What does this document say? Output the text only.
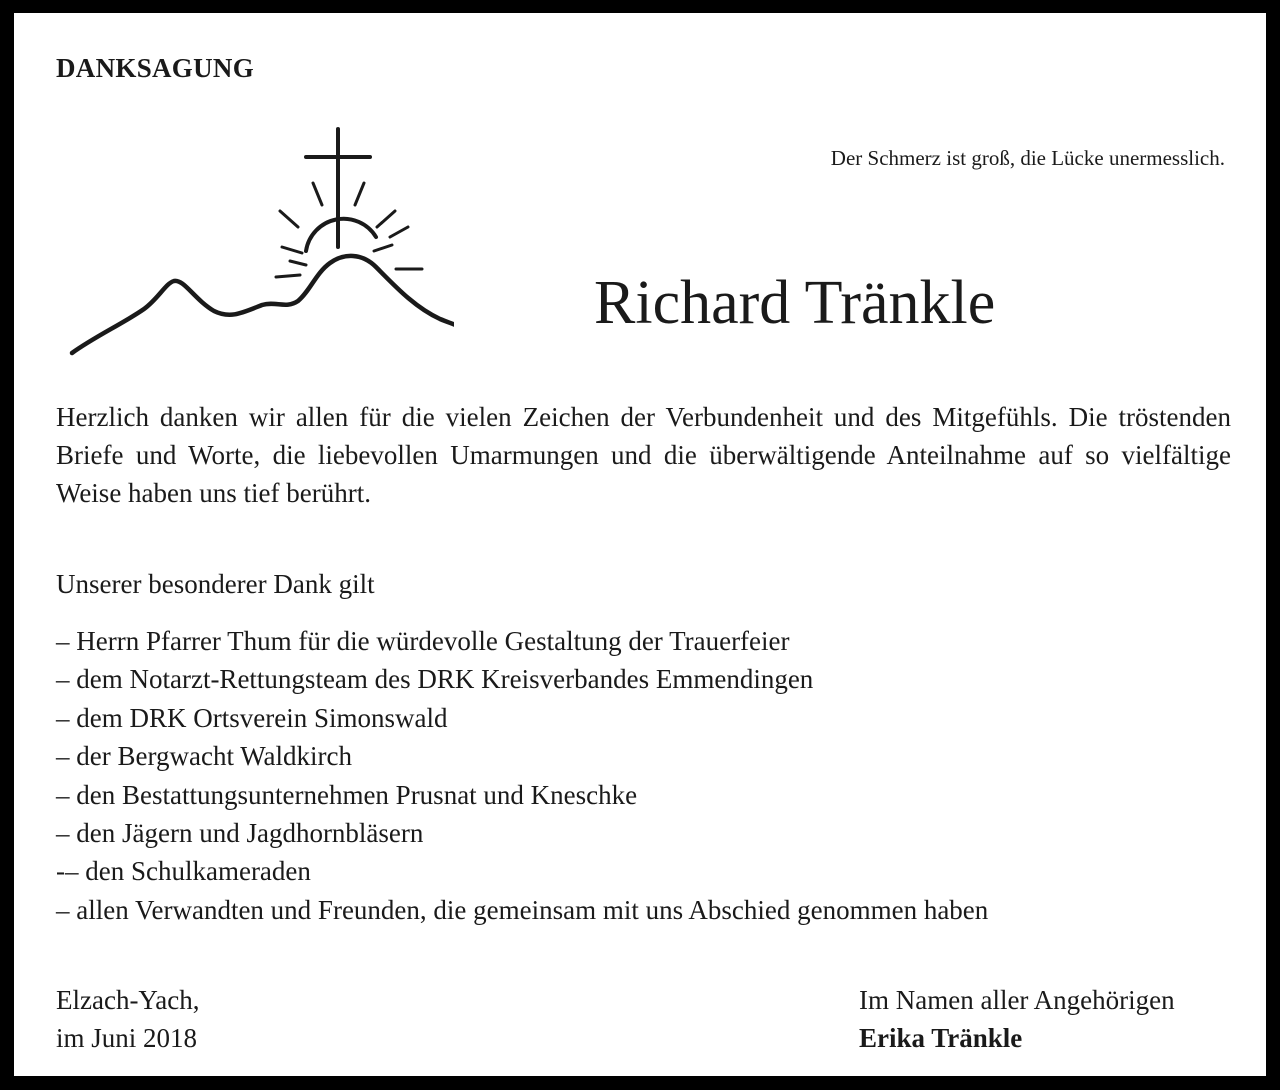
DANKSAGUNG
Der Schmerz ist groß, die Lücke unermesslich.
Richard Tränkle
Herzlich danken wir allen für die vielen Zeichen der Verbundenheit und des Mitgefühls. Die tröstenden Briefe und Worte, die liebevollen Umarmungen und die überwältigende Anteilnahme auf so vielfältige Weise haben uns tief berührt.
Unserer besonderer Dank gilt
– Herrn Pfarrer Thum für die würdevolle Gestaltung der Trauerfeier
– dem Notarzt-Rettungsteam des DRK Kreisverbandes Emmendingen
– dem DRK Ortsverein Simonswald
– der Bergwacht Waldkirch
– den Bestattungsunternehmen Prusnat und Kneschke
– den Jägern und Jagdhornbläsern
-– den Schulkameraden
– allen Verwandten und Freunden, die gemeinsam mit uns Abschied genommen haben
Elzach-Yach,
im Juni 2018
Im Namen aller Angehörigen
Erika Tränkle
